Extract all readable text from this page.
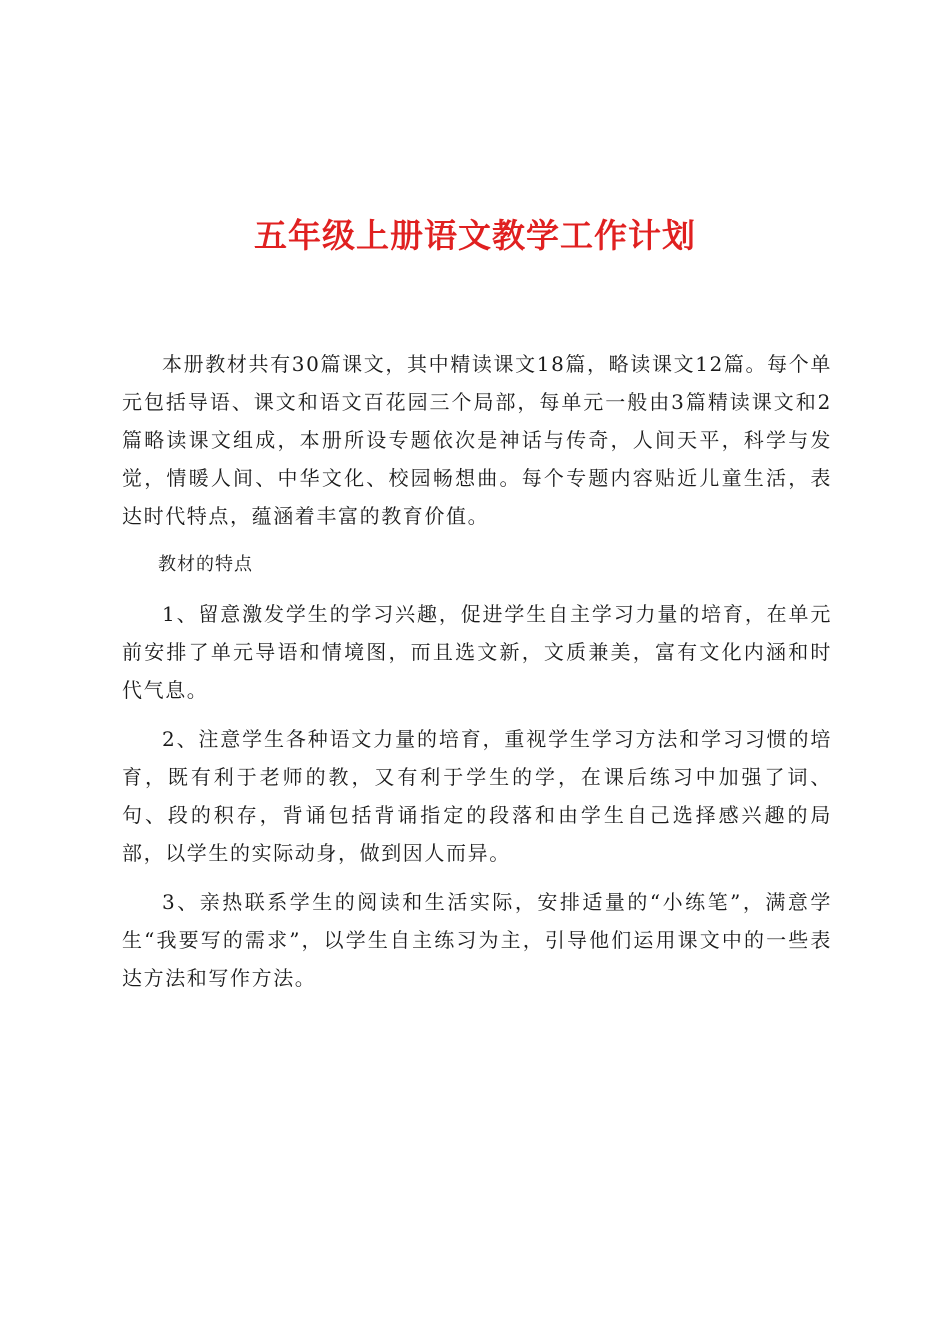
五年级上册语文教学工作计划

本册教材共有30篇课文，其中精读课文18篇，略读课文12篇。每个单元包括导语、课文和语文百花园三个局部，每单元一般由3篇精读课文和2篇略读课文组成，本册所设专题依次是神话与传奇，人间天平，科学与发觉，情暖人间、中华文化、校园畅想曲。每个专题内容贴近儿童生活，表达时代特点，蕴涵着丰富的教育价值。

教材的特点

1、留意激发学生的学习兴趣，促进学生自主学习力量的培育，在单元前安排了单元导语和情境图，而且选文新，文质兼美，富有文化内涵和时代气息。

2、注意学生各种语文力量的培育，重视学生学习方法和学习习惯的培育，既有利于老师的教，又有利于学生的学，在课后练习中加强了词、句、段的积存，背诵包括背诵指定的段落和由学生自己选择感兴趣的局部，以学生的实际动身，做到因人而异。

3、亲热联系学生的阅读和生活实际，安排适量的“小练笔”，满意学生“我要写的需求”，以学生自主练习为主，引导他们运用课文中的一些表达方法和写作方法。
